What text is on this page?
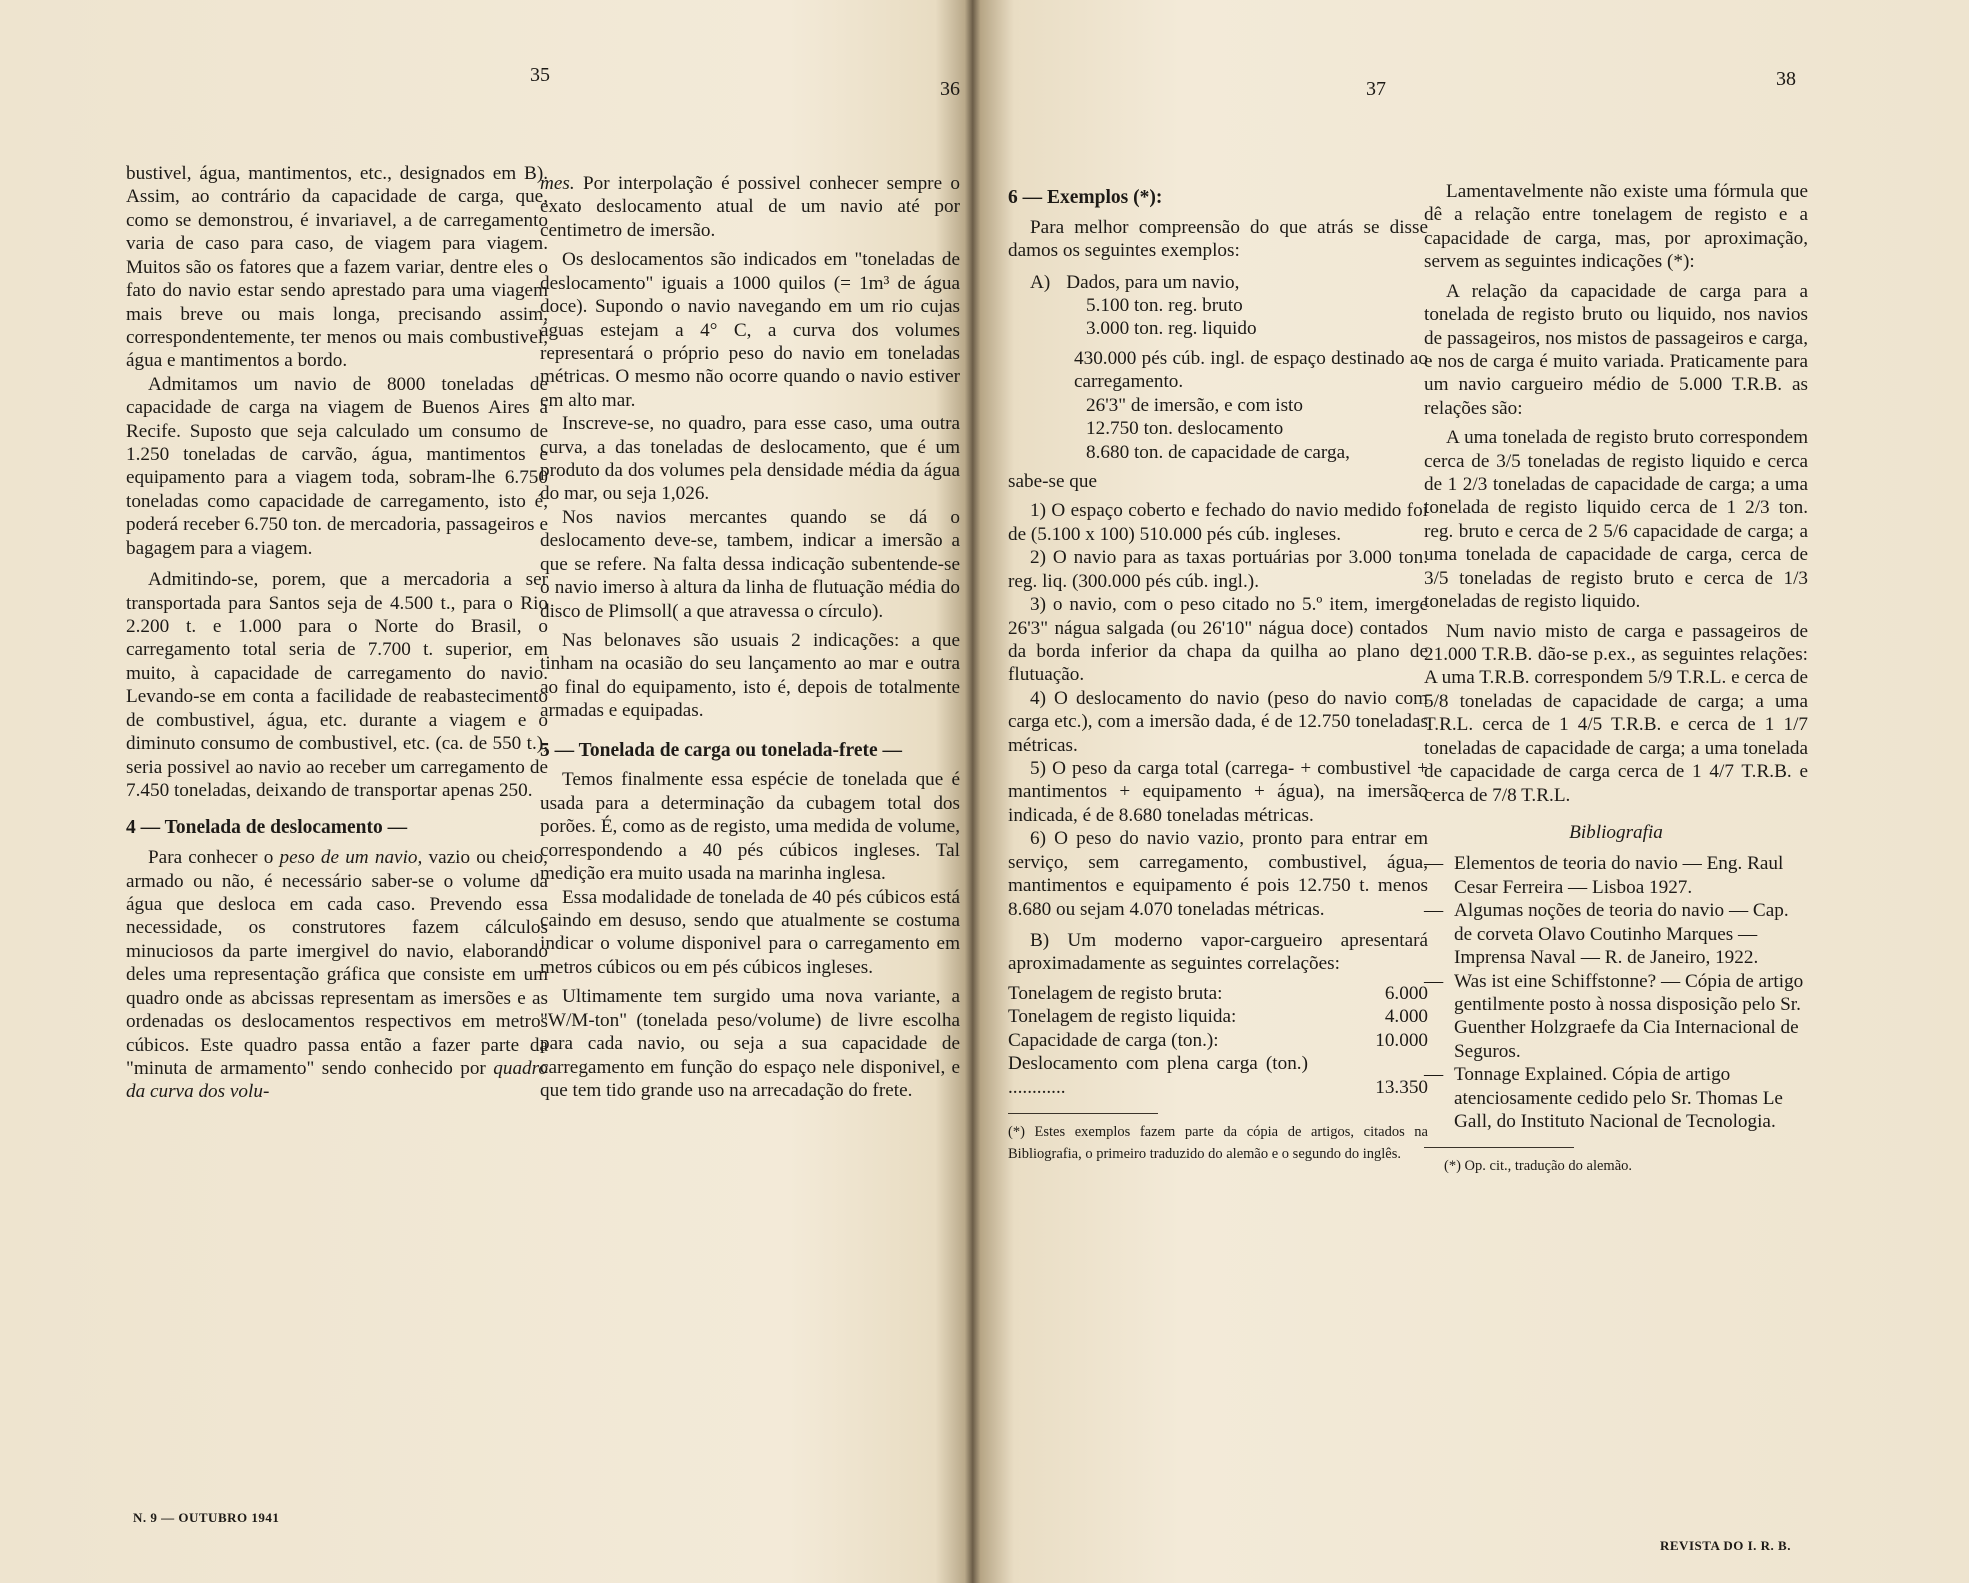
35
36	37	38

bustivel, água, mantimentos, etc., designados em B). Assim, ao contrário da capacidade de carga, que, como se demonstrou, é invariavel, a de carregamento varia de caso para caso, de viagem para viagem. Muitos são os fatores que a fazem variar, dentre eles o fato do navio estar sendo aprestado para uma viagem mais breve ou mais longa, precisando assim, correspondentemente, ter menos ou mais combustivel, água e mantimentos a bordo.

Admitamos um navio de 8000 toneladas de capacidade de carga na viagem de Buenos Aires a Recife. Suposto que seja calculado um consumo de 1.250 toneladas de carvão, água, mantimentos e equipamento para a viagem toda, sobram-lhe 6.750 toneladas como capacidade de carregamento, isto é, poderá receber 6.750 ton. de mercadoria, passageiros e bagagem para a viagem.

Admitindo-se, porem, que a mercadoria a ser transportada para Santos seja de 4.500 t., para o Rio 2.200 t. e 1.000 para o Norte do Brasil, o carregamento total seria de 7.700 t. superior, em muito, à capacidade de carregamento do navio. Levando-se em conta a facilidade de reabastecimento de combustivel, água, etc. durante a viagem e o diminuto consumo de combustivel, etc. (ca. de 550 t.), seria possivel ao navio ao receber um carregamento de 7.450 toneladas, deixando de transportar apenas 250.

4 — Tonelada de deslocamento —

Para conhecer o peso de um navio, vazio ou cheio, armado ou não, é necessário saber-se o volume da água que desloca em cada caso. Prevendo essa necessidade, os construtores fazem cálculos minuciosos da parte imergivel do navio, elaborando deles uma representação gráfica que consiste em um quadro onde as abcissas representam as imersões e as ordenadas os deslocamentos respectivos em metros cúbicos. Este quadro passa então a fazer parte da "minuta de armamento" sendo conhecido por quadro da curva dos volu-

mes. Por interpolação é possivel conhecer sempre o exato deslocamento atual de um navio até por centimetro de imersão.

Os deslocamentos são indicados em "toneladas de deslocamento" iguais a 1000 quilos (= 1m³ de água doce). Supondo o navio navegando em um rio cujas águas estejam a 4° C, a curva dos volumes representará o próprio peso do navio em toneladas métricas. O mesmo não ocorre quando o navio estiver em alto mar.

Inscreve-se, no quadro, para esse caso, uma outra curva, a das toneladas de deslocamento, que é um produto da dos volumes pela densidade média da água do mar, ou seja 1,026.

Nos navios mercantes quando se dá o deslocamento deve-se, tambem, indicar a imersão a que se refere. Na falta dessa indicação subentende-se o navio imerso à altura da linha de flutuação média do disco de Plimsoll( a que atravessa o círculo).

Nas belonaves são usuais 2 indicações: a que tinham na ocasião do seu lançamento ao mar e outra ao final do equipamento, isto é, depois de totalmente armadas e equipadas.

5 — Tonelada de carga ou tonelada-frete —

Temos finalmente essa espécie de tonelada que é usada para a determinação da cubagem total dos porões. É, como as de registo, uma medida de volume, correspondendo a 40 pés cúbicos ingleses. Tal medição era muito usada na marinha inglesa.

Essa modalidade de tonelada de 40 pés cúbicos está caindo em desuso, sendo que atualmente se costuma indicar o volume disponivel para o carregamento em metros cúbicos ou em pés cúbicos ingleses.

Ultimamente tem surgido uma nova variante, a "W/M-ton" (tonelada peso/volume) de livre escolha para cada navio, ou seja a sua capacidade de carregamento em função do espaço nele disponivel, e que tem tido grande uso na arrecadação do frete.

6 — Exemplos (*):

Para melhor compreensão do que atrás se disse damos os seguintes exemplos:

A) Dados, para um navio,

5.100 ton. reg. bruto

3.000 ton. reg. liquido

430.000 pés cúb. ingl. de espaço destinado ao carregamento.

26'3" de imersão, e com isto

12.750 ton. deslocamento

8.680 ton. de capacidade de carga,

sabe-se que

1) O espaço coberto e fechado do navio medido foi de (5.100 x 100) 510.000 pés cúb. ingleses.

2) O navio para as taxas portuárias por 3.000 ton. reg. liq. (300.000 pés cúb. ingl.).

3) o navio, com o peso citado no 5.º item, imerge 26'3" nágua salgada (ou 26'10" nágua doce) contados da borda inferior da chapa da quilha ao plano de flutuação.

4) O deslocamento do navio (peso do navio com carga etc.), com a imersão dada, é de 12.750 toneladas métricas.

5) O peso da carga total (carrega- + combustivel + mantimentos + equipamento + água), na imersão indicada, é de 8.680 toneladas métricas.

6) O peso do navio vazio, pronto para entrar em serviço, sem carregamento, combustivel, água, mantimentos e equipamento é pois 12.750 t. menos 8.680 ou sejam 4.070 toneladas métricas.

B) Um moderno vapor-cargueiro apresentará aproximadamente as seguintes correlações:

Tonelagem de registo bruta:	6.000
Tonelagem de registo liquida:	4.000
Capacidade de carga (ton.):	10.000
Deslocamento com plena carga (ton.) ............	13.350
(*) Estes exemplos fazem parte da cópia de artigos, citados na Bibliografia, o primeiro traduzido do alemão e o segundo do inglês.

Lamentavelmente não existe uma fórmula que dê a relação entre tonelagem de registo e a capacidade de carga, mas, por aproximação, servem as seguintes indicações (*):

A relação da capacidade de carga para a tonelada de registo bruto ou liquido, nos navios de passageiros, nos mistos de passageiros e carga, e nos de carga é muito variada. Praticamente para um navio cargueiro médio de 5.000 T.R.B. as relações são:

A uma tonelada de registo bruto correspondem cerca de 3/5 toneladas de registo liquido e cerca de 1 2/3 toneladas de capacidade de carga; a uma tonelada de registo liquido cerca de 1 2/3 ton. reg. bruto e cerca de 2 5/6 capacidade de carga; a uma tonelada de capacidade de carga, cerca de 3/5 toneladas de registo bruto e cerca de 1/3 toneladas de registo liquido.

Num navio misto de carga e passageiros de 21.000 T.R.B. dão-se p.ex., as seguintes relações: A uma T.R.B. correspondem 5/9 T.R.L. e cerca de 5/8 toneladas de capacidade de carga; a uma T.R.L. cerca de 1 4/5 T.R.B. e cerca de 1 1/7 toneladas de capacidade de carga; a uma tonelada de capacidade de carga cerca de 1 4/7 T.R.B. e cerca de 7/8 T.R.L.

Bibliografia
— Elementos de teoria do navio — Eng. Raul Cesar Ferreira — Lisboa 1927.
— Algumas noções de teoria do navio — Cap. de corveta Olavo Coutinho Marques — Imprensa Naval — R. de Janeiro, 1922.
— Was ist eine Schiffstonne? — Cópia de artigo gentilmente posto à nossa disposição pelo Sr. Guenther Holzgraefe da Cia Internacional de Seguros.
— Tonnage Explained. Cópia de artigo atenciosamente cedido pelo Sr. Thomas Le Gall, do Instituto Nacional de Tecnologia.
(*) Op. cit., tradução do alemão.
N. 9 — OUTUBRO 1941
REVISTA DO I. R. B.
